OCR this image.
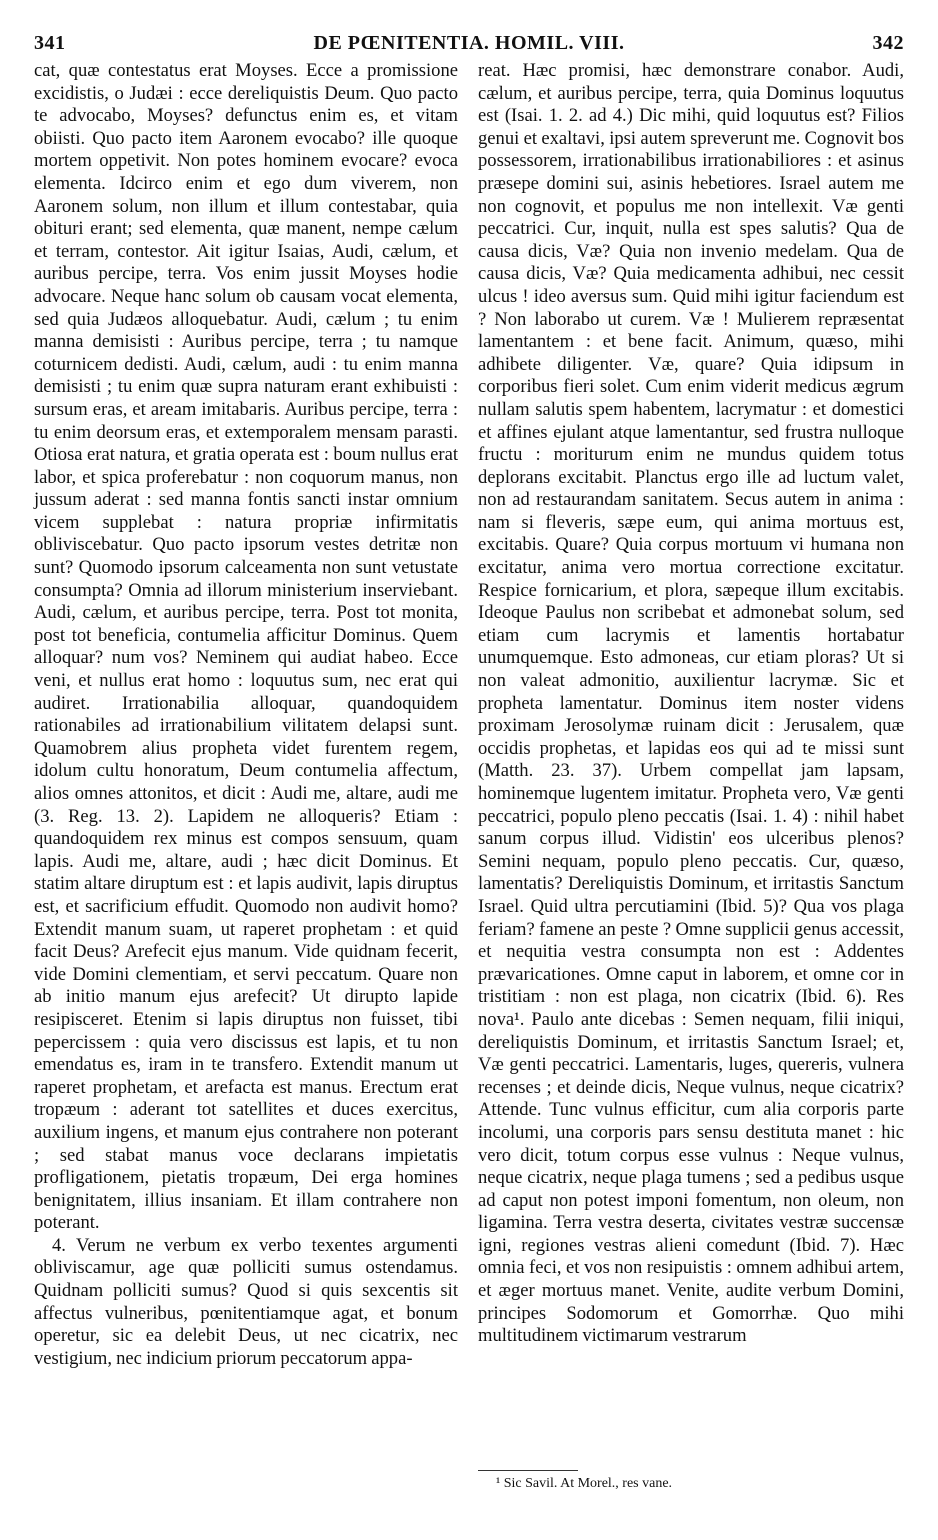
341	DE PŒNITENTIA. HOMIL. VIII.	342

cat, quæ contestatus erat Moyses. Ecce a promissione excidistis, o Judæi : ecce dereliquistis Deum. Quo pacto te advocabo, Moyses? defunctus enim es, et vitam obiisti. Quo pacto item Aaronem evocabo? ille quoque mortem oppetivit. Non potes hominem evocare? evoca elementa. Idcirco enim et ego dum viverem, non Aaronem solum, non illum et illum contestabar, quia obituri erant; sed elementa, quæ manent, nempe cælum et terram, contestor. Ait igitur Isaias, Audi, cælum, et auribus percipe, terra. Vos enim jussit Moyses hodie advocare. Neque hanc solum ob causam vocat elementa, sed quia Judæos alloquebatur. Audi, cælum ; tu enim manna demisisti : Auribus percipe, terra ; tu namque coturnicem dedisti. Audi, cælum, audi : tu enim manna demisisti ; tu enim quæ supra naturam erant exhibuisti : sursum eras, et aream imitabaris. Auribus percipe, terra : tu enim deorsum eras, et extemporalem mensam parasti. Otiosa erat natura, et gratia operata est : boum nullus erat labor, et spica proferebatur : non coquorum manus, non jussum aderat : sed manna fontis sancti instar omnium vicem supplebat : natura propriæ infirmitatis obliviscebatur. Quo pacto ipsorum vestes detritæ non sunt? Quomodo ipsorum calceamenta non sunt vetustate consumpta? Omnia ad illorum ministerium inserviebant. Audi, cælum, et auribus percipe, terra. Post tot monita, post tot beneficia, contumelia afficitur Dominus. Quem alloquar? num vos? Neminem qui audiat habeo. Ecce veni, et nullus erat homo : loquutus sum, nec erat qui audiret. Irrationabilia alloquar, quandoquidem rationabiles ad irrationabilium vilitatem delapsi sunt. Quamobrem alius propheta videt furentem regem, idolum cultu honoratum, Deum contumelia affectum, alios omnes attonitos, et dicit : Audi me, altare, audi me (3. Reg. 13. 2). Lapidem ne alloqueris? Etiam : quandoquidem rex minus est compos sensuum, quam lapis. Audi me, altare, audi ; hæc dicit Dominus. Et statim altare diruptum est : et lapis audivit, lapis diruptus est, et sacrificium effudit. Quomodo non audivit homo? Extendit manum suam, ut raperet prophetam : et quid facit Deus? Arefecit ejus manum. Vide quidnam fecerit, vide Domini clementiam, et servi peccatum. Quare non ab initio manum ejus arefecit? Ut dirupto lapide resipisceret. Etenim si lapis diruptus non fuisset, tibi pepercissem : quia vero discissus est lapis, et tu non emendatus es, iram in te transfero. Extendit manum ut raperet prophetam, et arefacta est manus. Erectum erat tropæum : aderant tot satellites et duces exercitus, auxilium ingens, et manum ejus contrahere non poterant ; sed stabat manus voce declarans impietatis profligationem, pietatis tropæum, Dei erga homines benignitatem, illius insaniam. Et illam contrahere non poterant.

4. Verum ne verbum ex verbo texentes argumenti obliviscamur, age quæ polliciti sumus ostendamus. Quidnam polliciti sumus? Quod si quis sexcentis sit affectus vulneribus, pœnitentiamque agat, et bonum operetur, sic ea delebit Deus, ut nec cicatrix, nec vestigium, nec indicium priorum peccatorum appa-

reat. Hæc promisi, hæc demonstrare conabor. Audi, cælum, et auribus percipe, terra, quia Dominus loquutus est (Isai. 1. 2. ad 4.) Dic mihi, quid loquutus est? Filios genui et exaltavi, ipsi autem spreverunt me. Cognovit bos possessorem, irrationabilibus irrationabiliores : et asinus præsepe domini sui, asinis hebetiores. Israel autem me non cognovit, et populus me non intellexit. Væ genti peccatrici. Cur, inquit, nulla est spes salutis? Qua de causa dicis, Væ? Quia non invenio medelam. Qua de causa dicis, Væ? Quia medicamenta adhibui, nec cessit ulcus ! ideo aversus sum. Quid mihi igitur faciendum est ? Non laborabo ut curem. Væ ! Mulierem repræsentat lamentantem : et bene facit. Animum, quæso, mihi adhibete diligenter. Væ, quare? Quia idipsum in corporibus fieri solet. Cum enim viderit medicus ægrum nullam salutis spem habentem, lacrymatur : et domestici et affines ejulant atque lamentantur, sed frustra nulloque fructu : moriturum enim ne mundus quidem totus deplorans excitabit. Planctus ergo ille ad luctum valet, non ad restaurandam sanitatem. Secus autem in anima : nam si fleveris, sæpe eum, qui anima mortuus est, excitabis. Quare? Quia corpus mortuum vi humana non excitatur, anima vero mortua correctione excitatur. Respice fornicarium, et plora, sæpeque illum excitabis. Ideoque Paulus non scribebat et admonebat solum, sed etiam cum lacrymis et lamentis hortabatur unumquemque. Esto admoneas, cur etiam ploras? Ut si non valeat admonitio, auxilientur lacrymæ. Sic et propheta lamentatur. Dominus item noster videns proximam Jerosolymæ ruinam dicit : Jerusalem, quæ occidis prophetas, et lapidas eos qui ad te missi sunt (Matth. 23. 37). Urbem compellat jam lapsam, hominemque lugentem imitatur. Propheta vero, Væ genti peccatrici, populo pleno peccatis (Isai. 1. 4) : nihil habet sanum corpus illud. Vidistin' eos ulceribus plenos? Semini nequam, populo pleno peccatis. Cur, quæso, lamentatis? Dereliquistis Dominum, et irritastis Sanctum Israel. Quid ultra percutiamini (Ibid. 5)? Qua vos plaga feriam? famene an peste ? Omne supplicii genus accessit, et nequitia vestra consumpta non est : Addentes prævaricationes. Omne caput in laborem, et omne cor in tristitiam : non est plaga, non cicatrix (Ibid. 6). Res nova¹. Paulo ante dicebas : Semen nequam, filii iniqui, dereliquistis Dominum, et irritastis Sanctum Israel; et, Væ genti peccatrici. Lamentaris, luges, quereris, vulnera recenses ; et deinde dicis, Neque vulnus, neque cicatrix? Attende. Tunc vulnus efficitur, cum alia corporis parte incolumi, una corporis pars sensu destituta manet : hic vero dicit, totum corpus esse vulnus : Neque vulnus, neque cicatrix, neque plaga tumens ; sed a pedibus usque ad caput non potest imponi fomentum, non oleum, non ligamina. Terra vestra deserta, civitates vestræ succensæ igni, regiones vestras alieni comedunt (Ibid. 7). Hæc omnia feci, et vos non resipuistis : omnem adhibui artem, et æger mortuus manet. Venite, audite verbum Domini, principes Sodomorum et Gomorrhæ. Quo mihi multitudinem victimarum vestrarum

¹ Sic Savil. At Morel., res vane.
